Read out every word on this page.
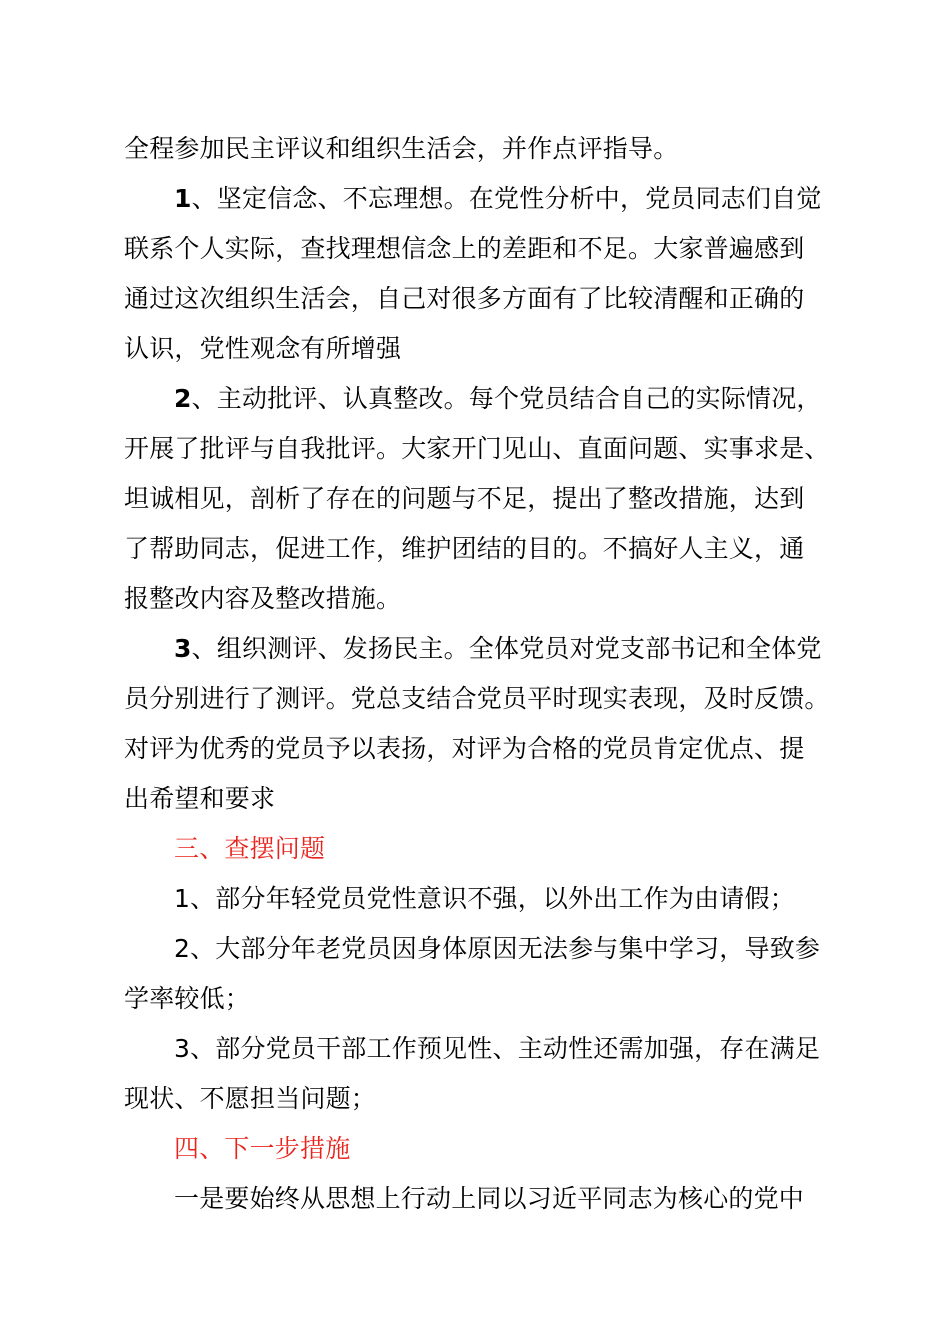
全程参加民主评议和组织生活会，并作点评指导。
1、坚定信念、不忘理想。在党性分析中，党员同志们自觉
联系个人实际，查找理想信念上的差距和不足。大家普遍感到
通过这次组织生活会，自己对很多方面有了比较清醒和正确的
认识，党性观念有所增强
2、主动批评、认真整改。每个党员结合自己的实际情况，
开展了批评与自我批评。大家开门见山、直面问题、实事求是、
坦诚相见，剖析了存在的问题与不足，提出了整改措施，达到
了帮助同志，促进工作，维护团结的目的。不搞好人主义，通
报整改内容及整改措施。
3、组织测评、发扬民主。全体党员对党支部书记和全体党
员分别进行了测评。党总支结合党员平时现实表现，及时反馈。
对评为优秀的党员予以表扬，对评为合格的党员肯定优点、提
出希望和要求
三、查摆问题
1、部分年轻党员党性意识不强，以外出工作为由请假；
2、大部分年老党员因身体原因无法参与集中学习，导致参
学率较低；
3、部分党员干部工作预见性、主动性还需加强，存在满足
现状、不愿担当问题；
四、下一步措施
一是要始终从思想上行动上同以习近平同志为核心的党中
